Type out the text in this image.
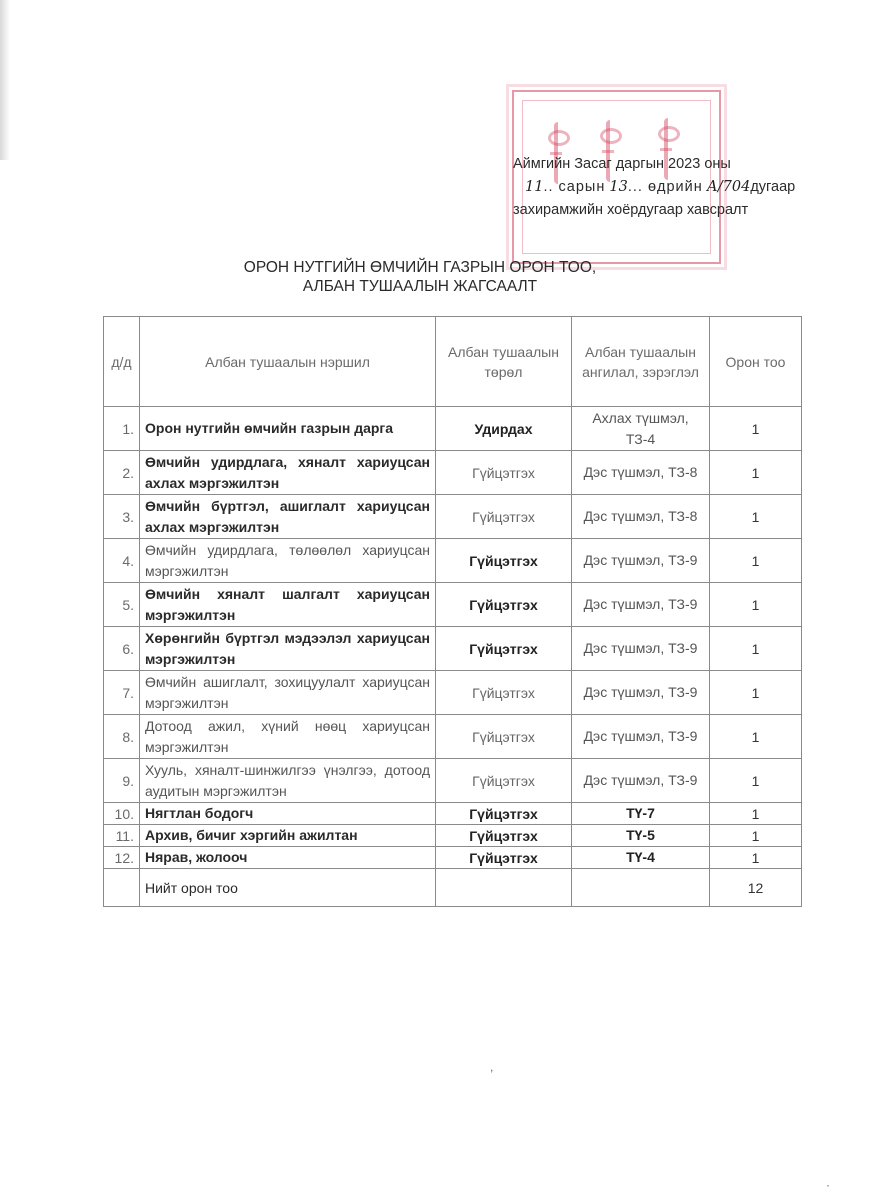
Аймгийн Засаг даргын 2023 оны
11.. сарын 13... өдрийн А/704дугаар
захирамжийн хоёрдугаар хавсралт
ОРОН НУТГИЙН ӨМЧИЙН ГАЗРЫН ОРОН ТОО,
АЛБАН ТУШААЛЫН ЖАГСААЛТ
д/д	Албан тушаалын нэршил	Албан тушаалын төрөл	Албан тушаалын ангилал, зэрэглэл	Орон тоо
1.	Орон нутгийн өмчийн газрын дарга	Удирдах	Ахлах түшмэл, ТЗ-4	1
2.	Өмчийн удирдлага, хяналт хариуцсан ахлах мэргэжилтэн	Гүйцэтгэх	Дэс түшмэл, ТЗ-8	1
3.	Өмчийн бүртгэл, ашиглалт хариуцсан ахлах мэргэжилтэн	Гүйцэтгэх	Дэс түшмэл, ТЗ-8	1
4.	Өмчийн удирдлага, төлөөлөл хариуцсан мэргэжилтэн	Гүйцэтгэх	Дэс түшмэл, ТЗ-9	1
5.	Өмчийн хяналт шалгалт хариуцсан мэргэжилтэн	Гүйцэтгэх	Дэс түшмэл, ТЗ-9	1
6.	Хөрөнгийн бүртгэл мэдээлэл хариуцсан мэргэжилтэн	Гүйцэтгэх	Дэс түшмэл, ТЗ-9	1
7.	Өмчийн ашиглалт, зохицуулалт хариуцсан мэргэжилтэн	Гүйцэтгэх	Дэс түшмэл, ТЗ-9	1
8.	Дотоод ажил, хүний нөөц хариуцсан мэргэжилтэн	Гүйцэтгэх	Дэс түшмэл, ТЗ-9	1
9.	Хууль, хяналт-шинжилгээ үнэлгээ, дотоод аудитын мэргэжилтэн	Гүйцэтгэх	Дэс түшмэл, ТЗ-9	1
10.	Нягтлан бодогч	Гүйцэтгэх	ТҮ-7	1
11.	Архив, бичиг хэргийн ажилтан	Гүйцэтгэх	ТҮ-5	1
12.	Нярав, жолооч	Гүйцэтгэх	ТҮ-4	1
	Нийт орон тоо			12
,
·
